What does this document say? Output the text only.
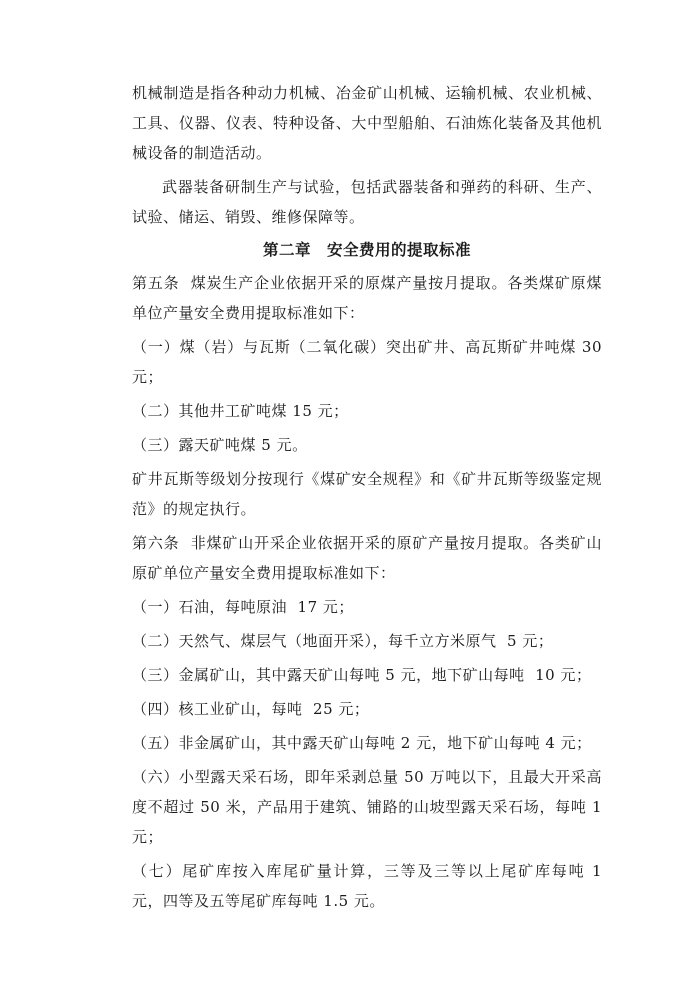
机械制造是指各种动力机械、冶金矿山机械、运输机械、农业机械、工具、仪器、仪表、特种设备、大中型船舶、石油炼化装备及其他机械设备的制造活动。

武器装备研制生产与试验，包括武器装备和弹药的科研、生产、试验、储运、销毁、维修保障等。

第二章　安全费用的提取标准

第五条  煤炭生产企业依据开采的原煤产量按月提取。各类煤矿原煤单位产量安全费用提取标准如下：

（一）煤（岩）与瓦斯（二氧化碳）突出矿井、高瓦斯矿井吨煤 30 元；

（二）其他井工矿吨煤 15 元；

（三）露天矿吨煤 5 元。

矿井瓦斯等级划分按现行《煤矿安全规程》和《矿井瓦斯等级鉴定规范》的规定执行。

第六条  非煤矿山开采企业依据开采的原矿产量按月提取。各类矿山原矿单位产量安全费用提取标准如下：

（一）石油，每吨原油  17 元；

（二）天然气、煤层气（地面开采），每千立方米原气  5 元；

（三）金属矿山，其中露天矿山每吨 5 元，地下矿山每吨  10 元；

（四）核工业矿山，每吨  25 元；

（五）非金属矿山，其中露天矿山每吨 2 元，地下矿山每吨 4 元；

（六）小型露天采石场，即年采剥总量 50 万吨以下，且最大开采高度不超过 50 米，产品用于建筑、铺路的山坡型露天采石场，每吨 1 元；

（七）尾矿库按入库尾矿量计算，三等及三等以上尾矿库每吨 1 元，四等及五等尾矿库每吨 1.5 元。
